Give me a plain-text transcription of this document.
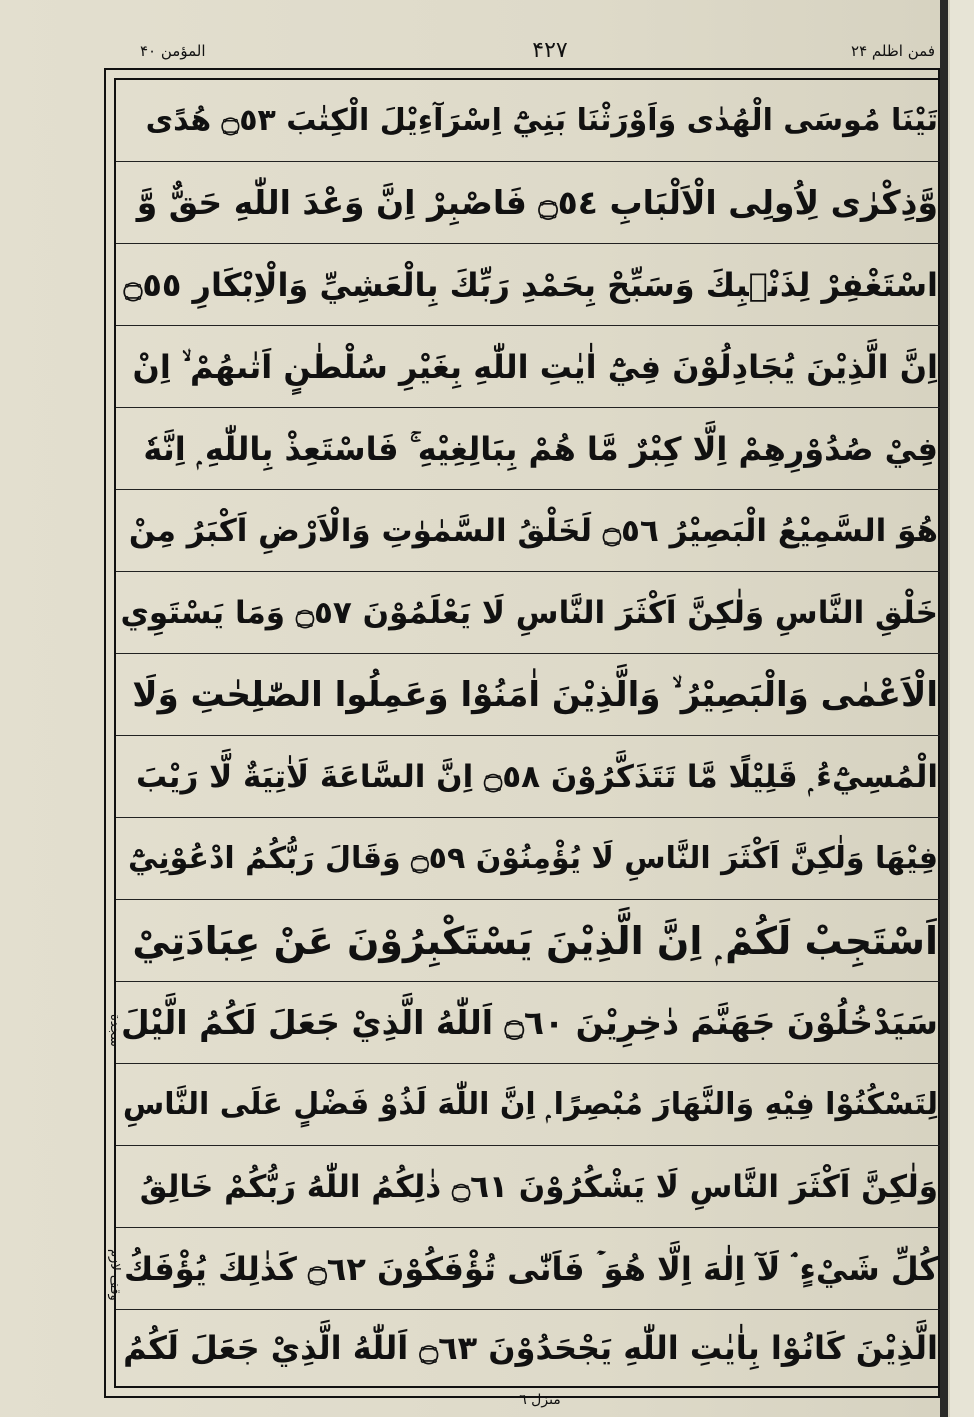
فمن اظلم ۲۴
۴۲۷
المؤمن ۴۰
تَيْنَا مُوسَى الْهُدٰى وَاَوْرَثْنَا بَنِيْٓ اِسْرَآءِيْلَ الْكِتٰبَ ۝٥٣ هُدًى
وَّذِكْرٰى لِاُولِى الْاَلْبَابِ ۝٥٤ فَاصْبِرْ اِنَّ وَعْدَ اللّٰهِ حَقٌّ وَّ
اسْتَغْفِرْ لِذَنْۢبِكَ وَسَبِّحْ بِحَمْدِ رَبِّكَ بِالْعَشِيِّ وَالْاِبْكَارِ ۝٥٥
اِنَّ الَّذِيْنَ يُجَادِلُوْنَ فِيْٓ اٰيٰتِ اللّٰهِ بِغَيْرِ سُلْطٰنٍ اَتٰىهُمْ ۙ اِنْ
فِيْ صُدُوْرِهِمْ اِلَّا كِبْرٌ مَّا هُمْ بِبَالِغِيْهِ ۚ فَاسْتَعِذْ بِاللّٰهِ ۭ اِنَّهٗ
هُوَ السَّمِيْعُ الْبَصِيْرُ ۝٥٦ لَخَلْقُ السَّمٰوٰتِ وَالْاَرْضِ اَكْبَرُ مِنْ
خَلْقِ النَّاسِ وَلٰكِنَّ اَكْثَرَ النَّاسِ لَا يَعْلَمُوْنَ ۝٥٧ وَمَا يَسْتَوِي
الْاَعْمٰى وَالْبَصِيْرُ ۙ وَالَّذِيْنَ اٰمَنُوْا وَعَمِلُوا الصّٰلِحٰتِ وَلَا
الْمُسِيْٓءُ ۭ قَلِيْلًا مَّا تَتَذَكَّرُوْنَ ۝٥٨ اِنَّ السَّاعَةَ لَاٰتِيَةٌ لَّا رَيْبَ
فِيْهَا وَلٰكِنَّ اَكْثَرَ النَّاسِ لَا يُؤْمِنُوْنَ ۝٥٩ وَقَالَ رَبُّكُمُ ادْعُوْنِيْٓ
اَسْتَجِبْ لَكُمْ ۭ اِنَّ الَّذِيْنَ يَسْتَكْبِرُوْنَ عَنْ عِبَادَتِيْ
سَيَدْخُلُوْنَ جَهَنَّمَ دٰخِرِيْنَ ۝٦٠ اَللّٰهُ الَّذِيْ جَعَلَ لَكُمُ الَّيْلَ
لِتَسْكُنُوْا فِيْهِ وَالنَّهَارَ مُبْصِرًا ۭ اِنَّ اللّٰهَ لَذُوْ فَضْلٍ عَلَى النَّاسِ
وَلٰكِنَّ اَكْثَرَ النَّاسِ لَا يَشْكُرُوْنَ ۝٦١ ذٰلِكُمُ اللّٰهُ رَبُّكُمْ خَالِقُ
كُلِّ شَيْءٍ ۘ لَآ اِلٰهَ اِلَّا هُوَ ۡ فَاَنّٰى تُؤْفَكُوْنَ ۝٦٢ كَذٰلِكَ يُؤْفَكُ
الَّذِيْنَ كَانُوْا بِاٰيٰتِ اللّٰهِ يَجْحَدُوْنَ ۝٦٣ اَللّٰهُ الَّذِيْ جَعَلَ لَكُمُ
سجدة
وقف لازم
منزل ٦
